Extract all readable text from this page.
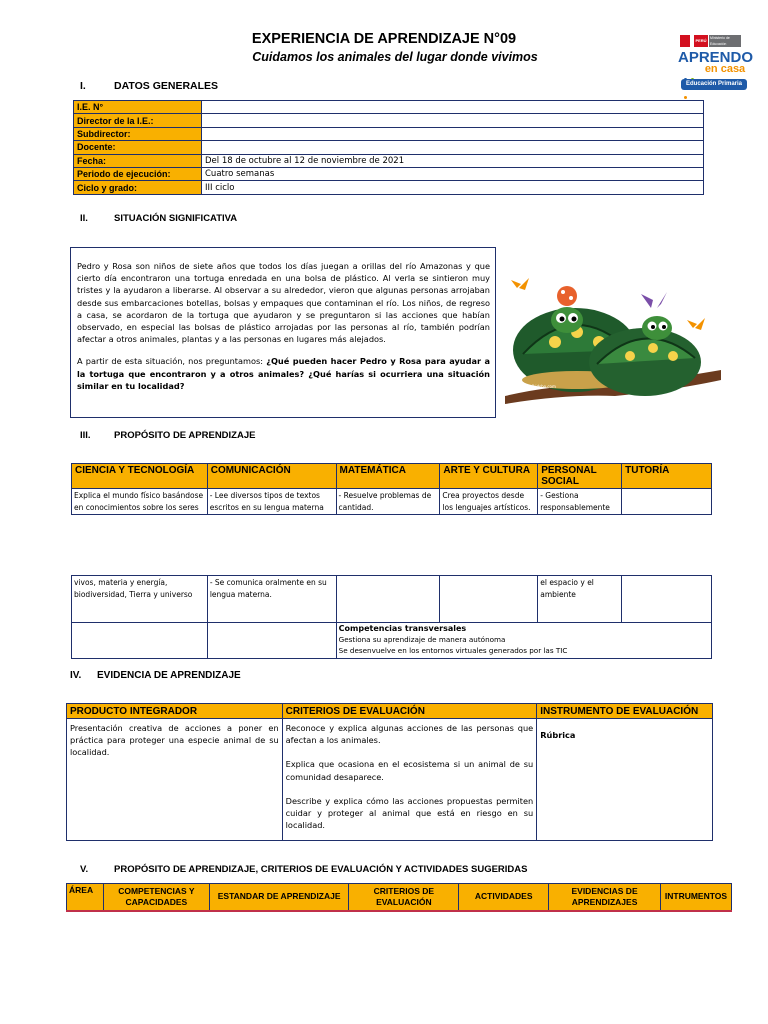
EXPERIENCIA DE APRENDIZAJE N°09
Cuidamos los animales del lugar donde vivimos
PERÚ Ministerio de Educación
APRENDO

en casa
Educación Primaria
I.	DATOS GENERALES
I.E. N°	
Director de la I.E.:	
Subdirector:	
Docente:	
Fecha:	Del 18 de octubre al 12 de noviembre de 2021
Periodo de ejecución:	Cuatro semanas
Ciclo y grado:	III ciclo
II.	SITUACIÓN SIGNIFICATIVA

Pedro y Rosa son niños de siete años que todos los días juegan a orillas del río Amazonas y que cierto día encontraron una tortuga enredada en una bolsa de plástico. Al verla se sintieron muy tristes y la ayudaron a liberarse. Al observar a su alrededor, vieron que algunas personas arrojaban desde sus embarcaciones botellas, bolsas y empaques que contaminan el río. Los niños, de regreso a casa, se acordaron de la tortuga que ayudaron y se preguntaron si las acciones que habían observado, en especial las bolsas de plástico arrojadas por las personas al río, también podrían afectar a otros animales, plantas y a las personas en lugares más alejados.

A partir de esta situación, nos preguntamos: ¿Qué pueden hacer Pedro y Rosa para ayudar a la tortuga que encontraron y a otros animales? ¿Qué harías si ocurriera una situación similar en tu localidad?	theartofkidsbo.com
III. PROPÓSITO DE APRENDIZAJE
CIENCIA Y TECNOLOGÍA	COMUNICACIÓN	MATEMÁTICA	ARTE Y CULTURA	PERSONAL SOCIAL	TUTORÍA
Explica el mundo físico basándose en conocimientos sobre los seres	- Lee diversos tipos de textos escritos en su lengua materna	- Resuelve problemas de cantidad.	Crea proyectos desde los lenguajes artísticos.	- Gestiona responsablemente	
vivos, materia y energía, biodiversidad, Tierra y universo	- Se comunica oralmente en su lengua materna.			el espacio y el ambiente	

		Competencias transversales
Gestiona su aprendizaje de manera autónoma
Se desenvuelve en los entornos virtuales generados por las TIC			
IV. EVIDENCIA DE APRENDIZAJE
PRODUCTO INTEGRADOR	CRITERIOS DE EVALUACIÓN	INSTRUMENTO DE EVALUACIÓN
Presentación creativa de acciones a poner en práctica para proteger una especie animal de su localidad.	Reconoce y explica algunas acciones de las personas que afectan a los animales.

Explica que ocasiona en el ecosistema si un animal de su comunidad desaparece.

Describe y explica cómo las acciones propuestas permiten cuidar y proteger al animal que está en riesgo en su localidad.	Rúbrica
V.	PROPÓSITO DE APRENDIZAJE, CRITERIOS DE EVALUACIÓN Y ACTIVIDADES SUGERIDAS
ÁREA	COMPETENCIAS Y CAPACIDADES	ESTANDAR DE APRENDIZAJE	CRITERIOS DE EVALUACIÓN	ACTIVIDADES	EVIDENCIAS DE APRENDIZAJES	INTRUMENTOS
